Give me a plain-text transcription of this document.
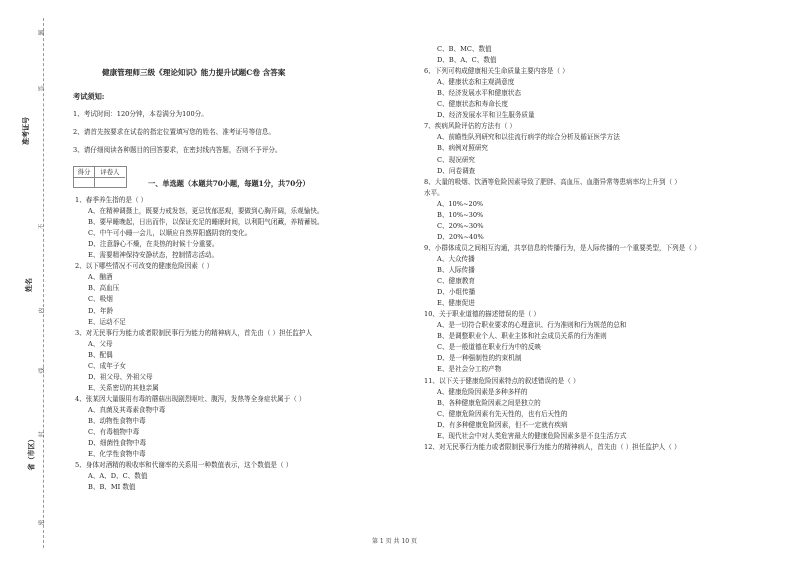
准考证号
姓名
省（市区）
题
答
不
内
线
封
密
健康管理师三级《理论知识》能力提升试题C卷 含答案
考试须知:
1、考试时间：120分钟，本卷满分为100分。
2、请首先按要求在试卷的指定位置填写您的姓名、准考证号等信息。
3、请仔细阅读各种题目的回答要求，在密封线内答题，否则不予评分。
得分	评卷人
一、单选题（本题共70小题，每题1分，共70分）
1、春季养生指的是（ ）
A、在精神调摄上，既要力戒发怒，更忌忧郁恶观，要做到心胸开阔，乐观愉快。
B、要早睡晚起，日出而作，以保证充足的睡眠时间，以利阳气闭藏，养精蓄锐。
C、中午可小睡一会儿，以顺应自然界阳盛阴衰的变化。
D、注意静心不燥，在炎热的时候十分重要。
E、需要精神保持安静状态，控制情志活动。
2、以下哪些情况不可改变的健康危险因素（ ）
A、酗酒
B、高血压
C、吸烟
D、年龄
E、运动不足
3、对无民事行为能力或者限制民事行为能力的精神病人，首先由（ ）担任监护人
A、父母
B、配偶
C、成年子女
D、祖父母、外祖父母
E、关系密切的其他亲属
4、张某因大量服用有毒的蘑菇出现剧烈呕吐、腹泻，发热等全身症状属于（ ）
A、真菌及其毒素食物中毒
B、动物性食物中毒
C、有毒植物中毒
D、细菌性食物中毒
E、化学性食物中毒
5、身体对酒精的吸收率和代谢率的关系用一种数值表示，这个数值是（ ）
A、A、D、C、数值
B、B、MI 数值
C、B、MC、数值
D、B、A、C、数值
6、下列可构成健康相关生命质量主要内容是（ ）
A、健康状态和主观满意度
B、经济发展水平和健康状态
C、健康状态和寿命长度
D、经济发展水平和卫生服务质量
7、疾病风险评估的方法有（ ）
A、前瞻性队列研究和以往流行病学的综合分析及循证医学方法
B、病例对照研究
C、现况研究
D、问卷调查
8、大量的吸烟、饮酒等危险因素导致了肥胖、高血压、血脂异常等患病率均上升到（ ）
水平。
A、10%~20%
B、10%~30%
C、20%~30%
D、20%~40%
9、小群体成员之间相互沟通，共享信息的传播行为，是人际传播的一个重要类型，下列是（ ）
A、大众传播
B、人际传播
C、健康教育
D、小组传播
E、健康促进
10、关于职业道德的描述错误的是（ ）
A、是一切符合职业要求的心理意识、行为准则和行为规范的总和
B、是调整职业个人、职业主体和社会成员关系的行为准则
C、是一般道德在职业行为中的反映
D、是一种强制性的约束机制
E、是社会分工的产物
11、以下关于健康危险因素特点的叙述错误的是（ ）
A、健康危险因素是多种多样的
B、各种健康危险因素之间是独立的
C、健康危险因素有先天性的，也有后天性的
D、有多种健康危险因素，但不一定就有疾病
E、现代社会中对人类危害最大的健康危险因素多是不良生活方式
12、对无民事行为能力或者限制民事行为能力的精神病人，首先由（ ）担任监护人（ ）
第 1 页 共 10 页
